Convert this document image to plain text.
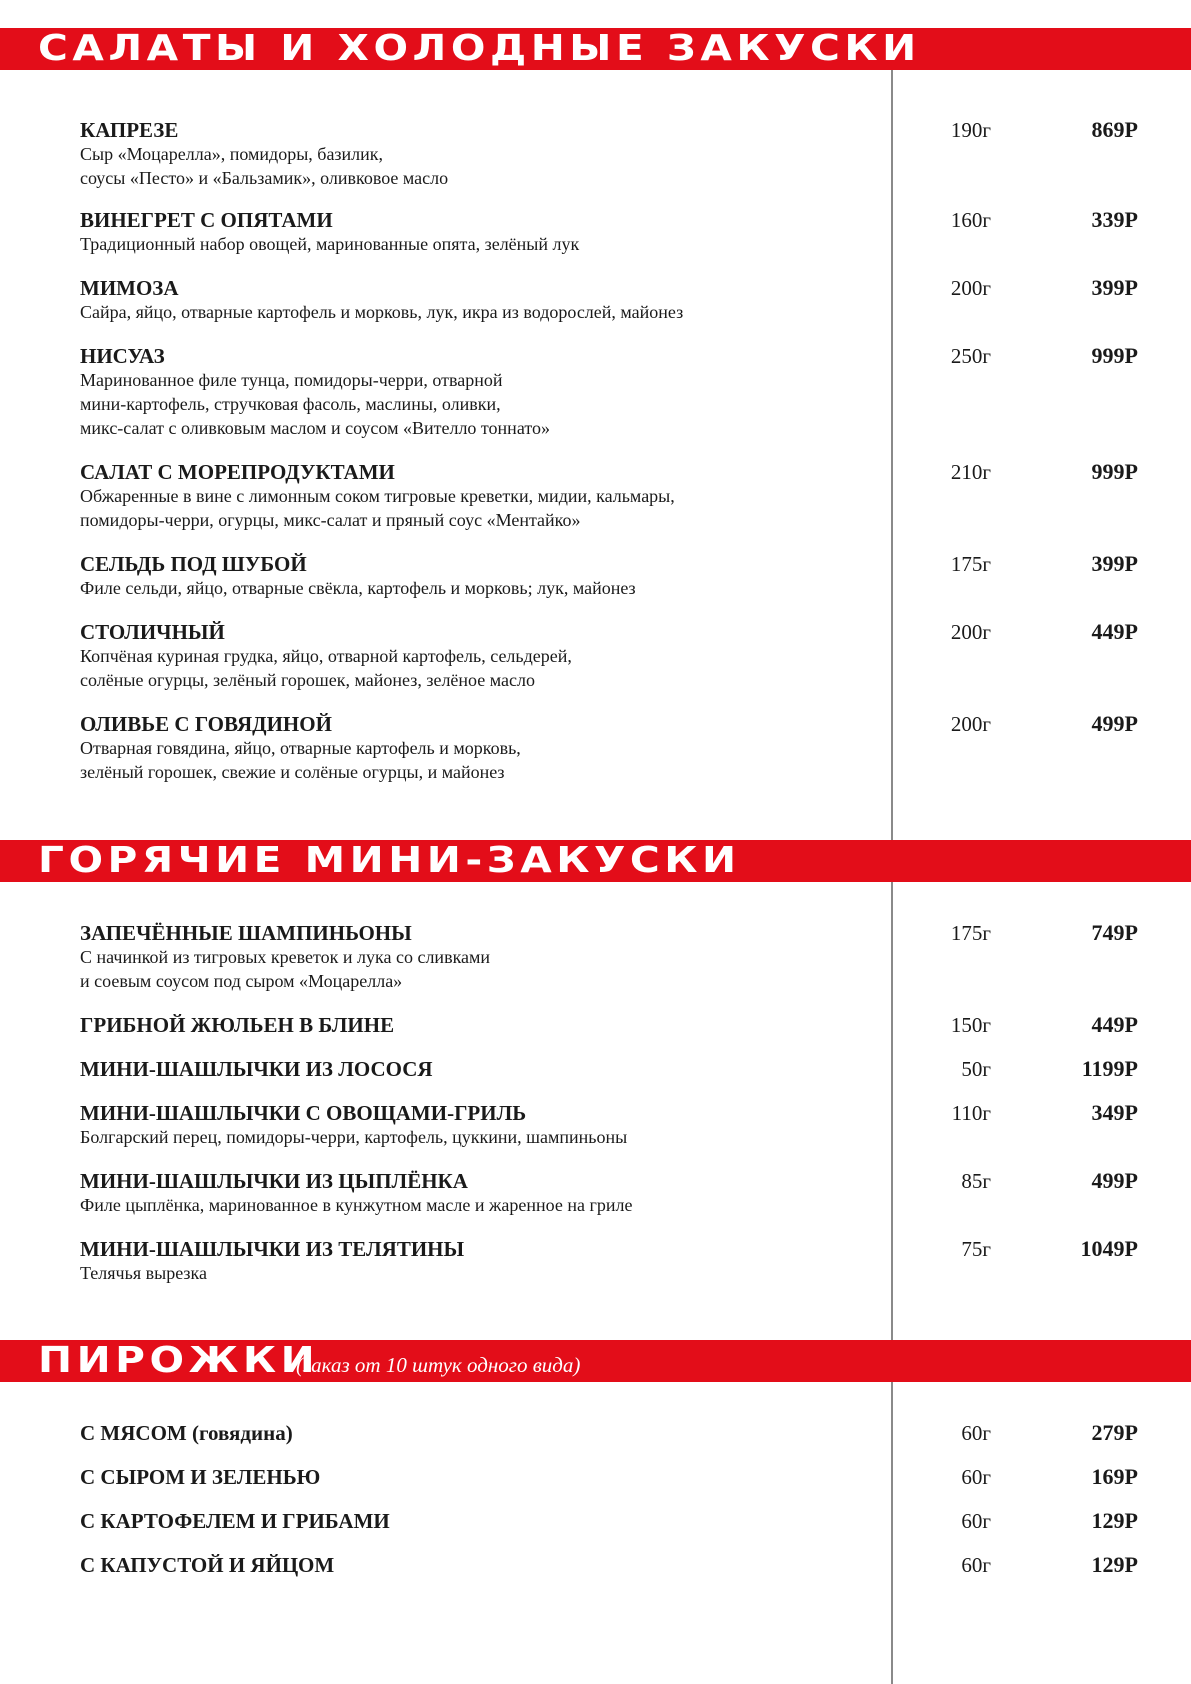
САЛАТЫ И ХОЛОДНЫЕ ЗАКУСКИ
КАПРЕЗЕ
Сыр «Моцарелла», помидоры, базилик,
соусы «Песто» и «Бальзамик», оливковое масло
190г	869Р
ВИНЕГРЕТ С ОПЯТАМИ
Традиционный набор овощей, маринованные опята, зелёный лук
160г	339Р
МИМОЗА
Сайра, яйцо, отварные картофель и морковь, лук, икра из водорослей, майонез
200г	399Р
НИСУАЗ
Маринованное филе тунца, помидоры-черри, отварной
мини-картофель, стручковая фасоль, маслины, оливки,
микс-салат с оливковым маслом и соусом «Вителло тоннато»
250г	999Р
САЛАТ С МОРЕПРОДУКТАМИ
Обжаренные в вине с лимонным соком тигровые креветки, мидии, кальмары,
помидоры-черри, огурцы, микс-салат и пряный соус «Ментайко»
210г	999Р
СЕЛЬДЬ ПОД ШУБОЙ
Филе сельди, яйцо, отварные свёкла, картофель и морковь; лук, майонез
175г	399Р
СТОЛИЧНЫЙ
Копчёная куриная грудка, яйцо, отварной картофель, сельдерей,
солёные огурцы, зелёный горошек, майонез, зелёное масло
200г	449Р
ОЛИВЬЕ С ГОВЯДИНОЙ
Отварная говядина, яйцо, отварные картофель и морковь,
зелёный горошек, свежие и солёные огурцы, и майонез
200г	499Р
ГОРЯЧИЕ МИНИ-ЗАКУСКИ
ЗАПЕЧЁННЫЕ ШАМПИНЬОНЫ
С начинкой из тигровых креветок и лука со сливками
и соевым соусом под сыром «Моцарелла»
175г	749Р
ГРИБНОЙ ЖЮЛЬЕН В БЛИНЕ	150г	449Р
МИНИ-ШАШЛЫЧКИ ИЗ ЛОСОСЯ	50г	1199Р
МИНИ-ШАШЛЫЧКИ С ОВОЩАМИ-ГРИЛЬ
Болгарский перец, помидоры-черри, картофель, цуккини, шампиньоны
110г	349Р
МИНИ-ШАШЛЫЧКИ ИЗ ЦЫПЛЁНКА
Филе цыплёнка, маринованное в кунжутном масле и жаренное на гриле
85г	499Р
МИНИ-ШАШЛЫЧКИ ИЗ ТЕЛЯТИНЫ
Телячья вырезка
75г	1049Р
ПИРОЖКИ
(заказ от 10 штук одного вида)
С МЯСОМ (говядина)	60г	279Р
С СЫРОМ И ЗЕЛЕНЬЮ	60г	169Р
С КАРТОФЕЛЕМ И ГРИБАМИ	60г	129Р
С КАПУСТОЙ И ЯЙЦОМ	60г	129Р
